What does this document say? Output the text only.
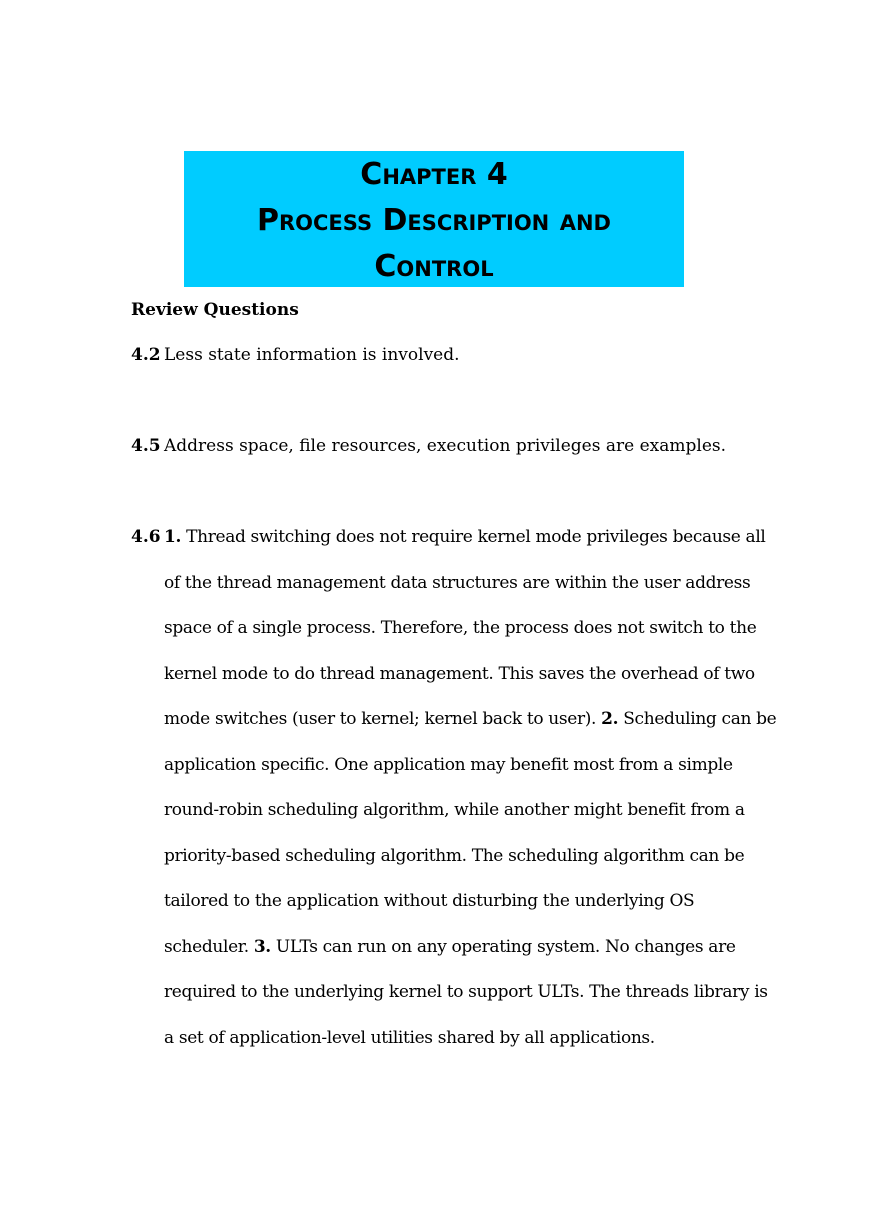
Chapter 4
Process Description and
Control
Review Questions
4.2 Less state information is involved.
4.5 Address space, file resources, execution privileges are examples.
4.6 1. Thread switching does not require kernel mode privileges because all
of the thread management data structures are within the user address
space of a single process. Therefore, the process does not switch to the
kernel mode to do thread management. This saves the overhead of two
mode switches (user to kernel; kernel back to user). 2. Scheduling can be
application specific. One application may benefit most from a simple
round-robin scheduling algorithm, while another might benefit from a
priority-based scheduling algorithm. The scheduling algorithm can be
tailored to the application without disturbing the underlying OS
scheduler. 3. ULTs can run on any operating system. No changes are
required to the underlying kernel to support ULTs. The threads library is
a set of application-level utilities shared by all applications.
